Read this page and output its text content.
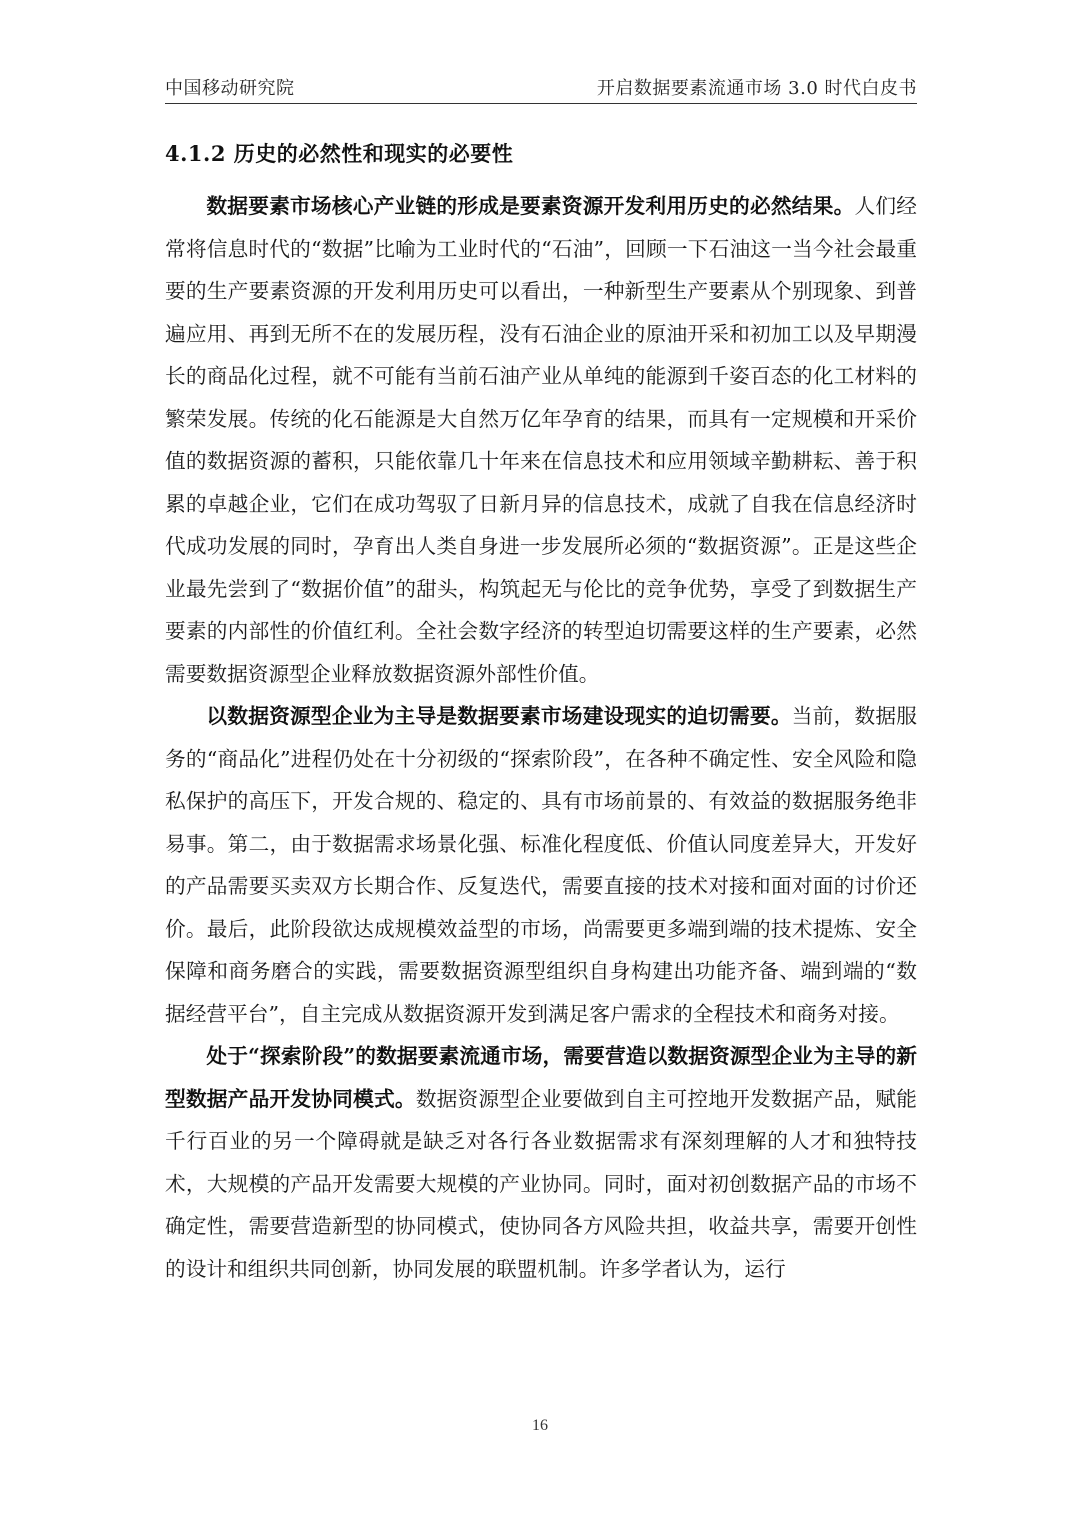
中国移动研究院	开启数据要素流通市场 3.0 时代白皮书
4.1.2 历史的必然性和现实的必要性

数据要素市场核心产业链的形成是要素资源开发利用历史的必然结果。人们经常将信息时代的“数据”比喻为工业时代的“石油”，回顾一下石油这一当今社会最重要的生产要素资源的开发利用历史可以看出，一种新型生产要素从个别现象、到普遍应用、再到无所不在的发展历程，没有石油企业的原油开采和初加工以及早期漫长的商品化过程，就不可能有当前石油产业从单纯的能源到千姿百态的化工材料的繁荣发展。传统的化石能源是大自然万亿年孕育的结果，而具有一定规模和开采价值的数据资源的蓄积，只能依靠几十年来在信息技术和应用领域辛勤耕耘、善于积累的卓越企业，它们在成功驾驭了日新月异的信息技术，成就了自我在信息经济时代成功发展的同时，孕育出人类自身进一步发展所必须的“数据资源”。正是这些企业最先尝到了“数据价值”的甜头，构筑起无与伦比的竞争优势，享受了到数据生产要素的内部性的价值红利。全社会数字经济的转型迫切需要这样的生产要素，必然需要数据资源型企业释放数据资源外部性价值。

以数据资源型企业为主导是数据要素市场建设现实的迫切需要。当前，数据服务的“商品化”进程仍处在十分初级的“探索阶段”，在各种不确定性、安全风险和隐私保护的高压下，开发合规的、稳定的、具有市场前景的、有效益的数据服务绝非易事。第二，由于数据需求场景化强、标准化程度低、价值认同度差异大，开发好的产品需要买卖双方长期合作、反复迭代，需要直接的技术对接和面对面的讨价还价。最后，此阶段欲达成规模效益型的市场，尚需要更多端到端的技术提炼、安全保障和商务磨合的实践，需要数据资源型组织自身构建出功能齐备、端到端的“数据经营平台”，自主完成从数据资源开发到满足客户需求的全程技术和商务对接。

处于“探索阶段”的数据要素流通市场，需要营造以数据资源型企业为主导的新型数据产品开发协同模式。数据资源型企业要做到自主可控地开发数据产品，赋能千行百业的另一个障碍就是缺乏对各行各业数据需求有深刻理解的人才和独特技术，大规模的产品开发需要大规模的产业协同。同时，面对初创数据产品的市场不确定性，需要营造新型的协同模式，使协同各方风险共担，收益共享，需要开创性的设计和组织共同创新，协同发展的联盟机制。许多学者认为，运行

16
